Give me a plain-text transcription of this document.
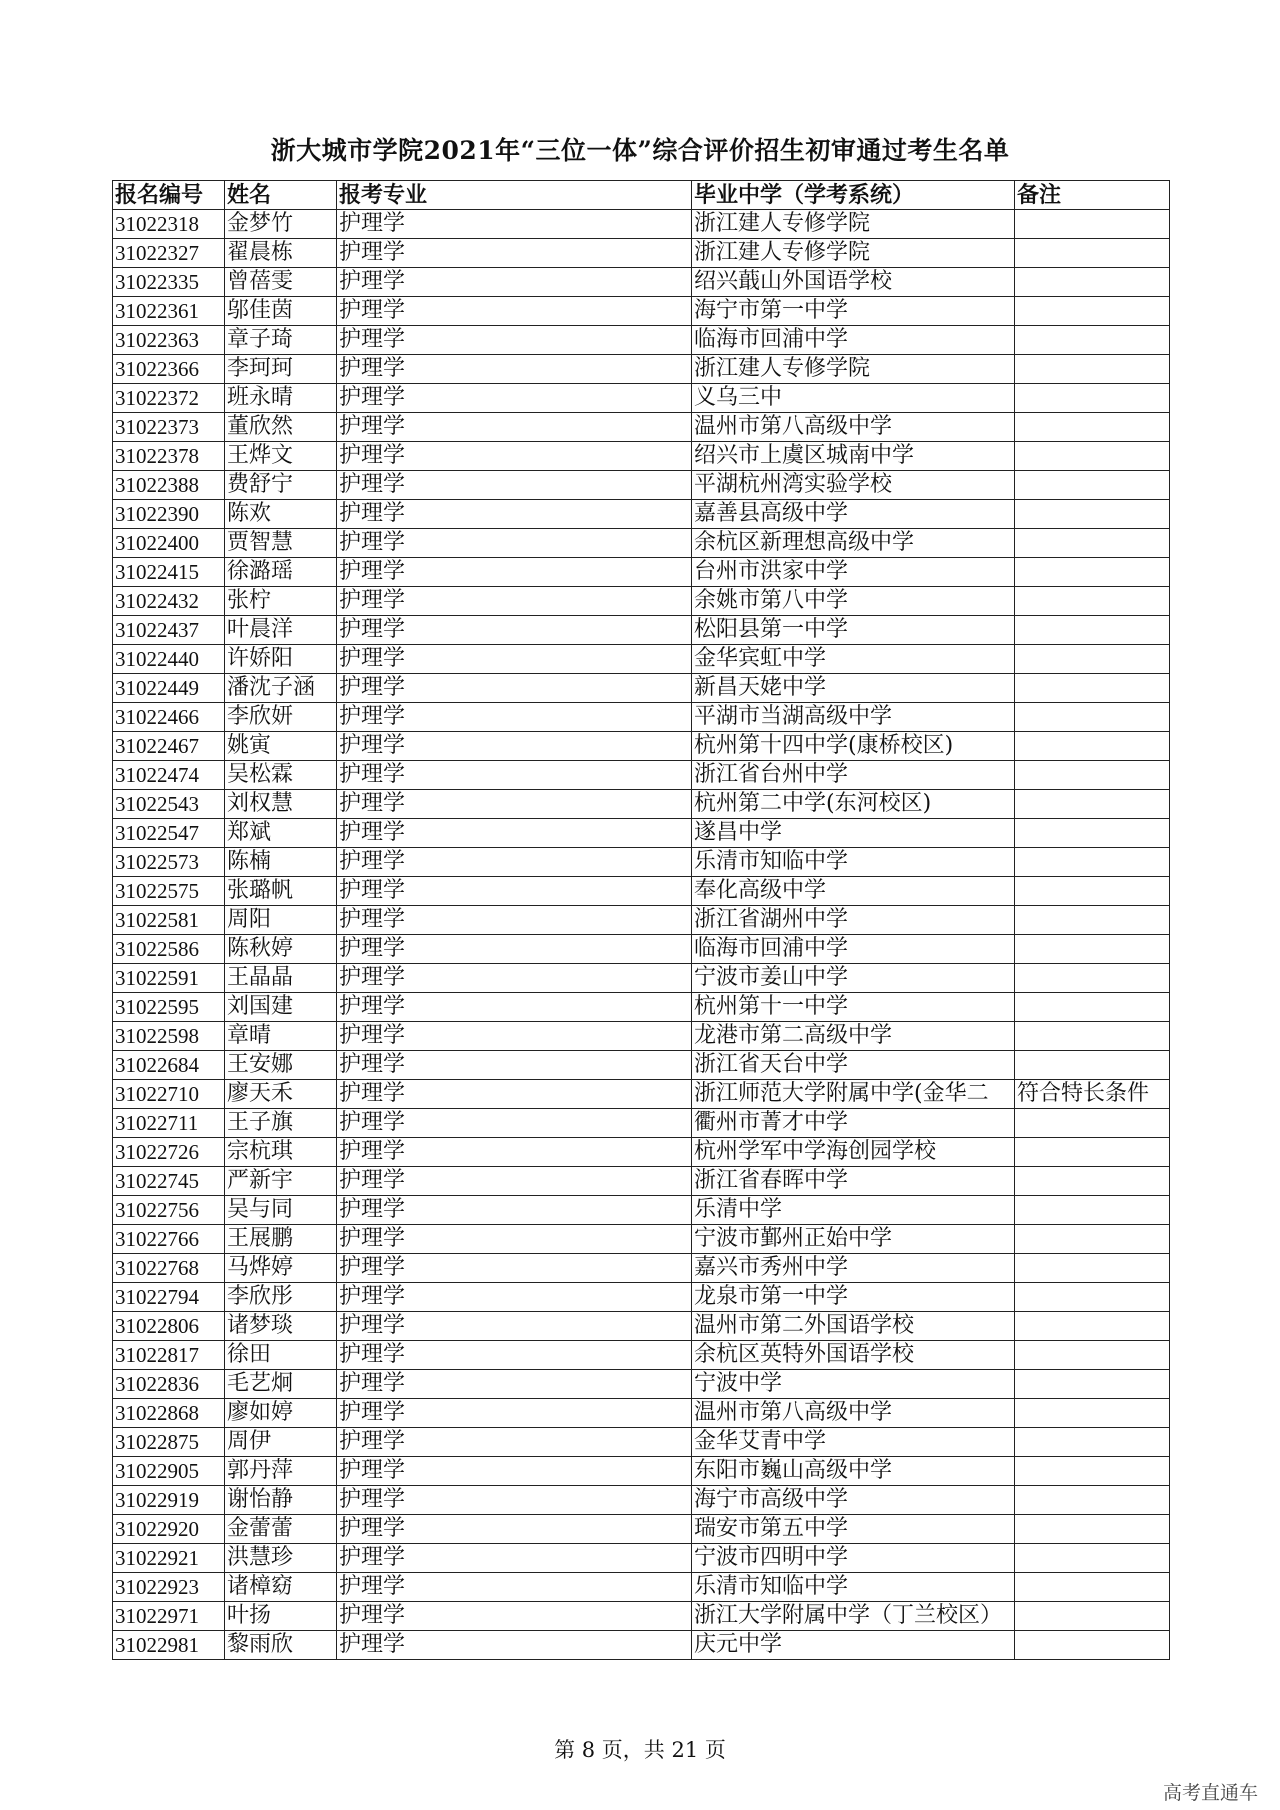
浙大城市学院2021年“三位一体”综合评价招生初审通过考生名单
报名编号	姓名	报考专业	毕业中学（学考系统）	备注
31022318	金梦竹	护理学	浙江建人专修学院	
31022327	翟晨栋	护理学	浙江建人专修学院	
31022335	曾蓓雯	护理学	绍兴蕺山外国语学校	
31022361	邬佳茵	护理学	海宁市第一中学	
31022363	章子琦	护理学	临海市回浦中学	
31022366	李珂珂	护理学	浙江建人专修学院	
31022372	班永晴	护理学	义乌三中	
31022373	董欣然	护理学	温州市第八高级中学	
31022378	王烨文	护理学	绍兴市上虞区城南中学	
31022388	费舒宁	护理学	平湖杭州湾实验学校	
31022390	陈欢	护理学	嘉善县高级中学	
31022400	贾智慧	护理学	余杭区新理想高级中学	
31022415	徐潞瑶	护理学	台州市洪家中学	
31022432	张柠	护理学	余姚市第八中学	
31022437	叶晨洋	护理学	松阳县第一中学	
31022440	许娇阳	护理学	金华宾虹中学	
31022449	潘沈子涵	护理学	新昌天姥中学	
31022466	李欣妍	护理学	平湖市当湖高级中学	
31022467	姚寅	护理学	杭州第十四中学(康桥校区)	
31022474	吴松霖	护理学	浙江省台州中学	
31022543	刘权慧	护理学	杭州第二中学(东河校区)	
31022547	郑斌	护理学	遂昌中学	
31022573	陈楠	护理学	乐清市知临中学	
31022575	张璐帆	护理学	奉化高级中学	
31022581	周阳	护理学	浙江省湖州中学	
31022586	陈秋婷	护理学	临海市回浦中学	
31022591	王晶晶	护理学	宁波市姜山中学	
31022595	刘国建	护理学	杭州第十一中学	
31022598	章晴	护理学	龙港市第二高级中学	
31022684	王安娜	护理学	浙江省天台中学	
31022710	廖天禾	护理学	浙江师范大学附属中学(金华二	符合特长条件
31022711	王子旗	护理学	衢州市菁才中学	
31022726	宗杭琪	护理学	杭州学军中学海创园学校	
31022745	严新宇	护理学	浙江省春晖中学	
31022756	吴与同	护理学	乐清中学	
31022766	王展鹏	护理学	宁波市鄞州正始中学	
31022768	马烨婷	护理学	嘉兴市秀州中学	
31022794	李欣彤	护理学	龙泉市第一中学	
31022806	诸梦琰	护理学	温州市第二外国语学校	
31022817	徐田	护理学	余杭区英特外国语学校	
31022836	毛艺炯	护理学	宁波中学	
31022868	廖如婷	护理学	温州市第八高级中学	
31022875	周伊	护理学	金华艾青中学	
31022905	郭丹萍	护理学	东阳市巍山高级中学	
31022919	谢怡静	护理学	海宁市高级中学	
31022920	金蕾蕾	护理学	瑞安市第五中学	
31022921	洪慧珍	护理学	宁波市四明中学	
31022923	诸樟窈	护理学	乐清市知临中学	
31022971	叶扬	护理学	浙江大学附属中学（丁兰校区）	
31022981	黎雨欣	护理学	庆元中学	
第 8 页，共 21 页
高考直通车
